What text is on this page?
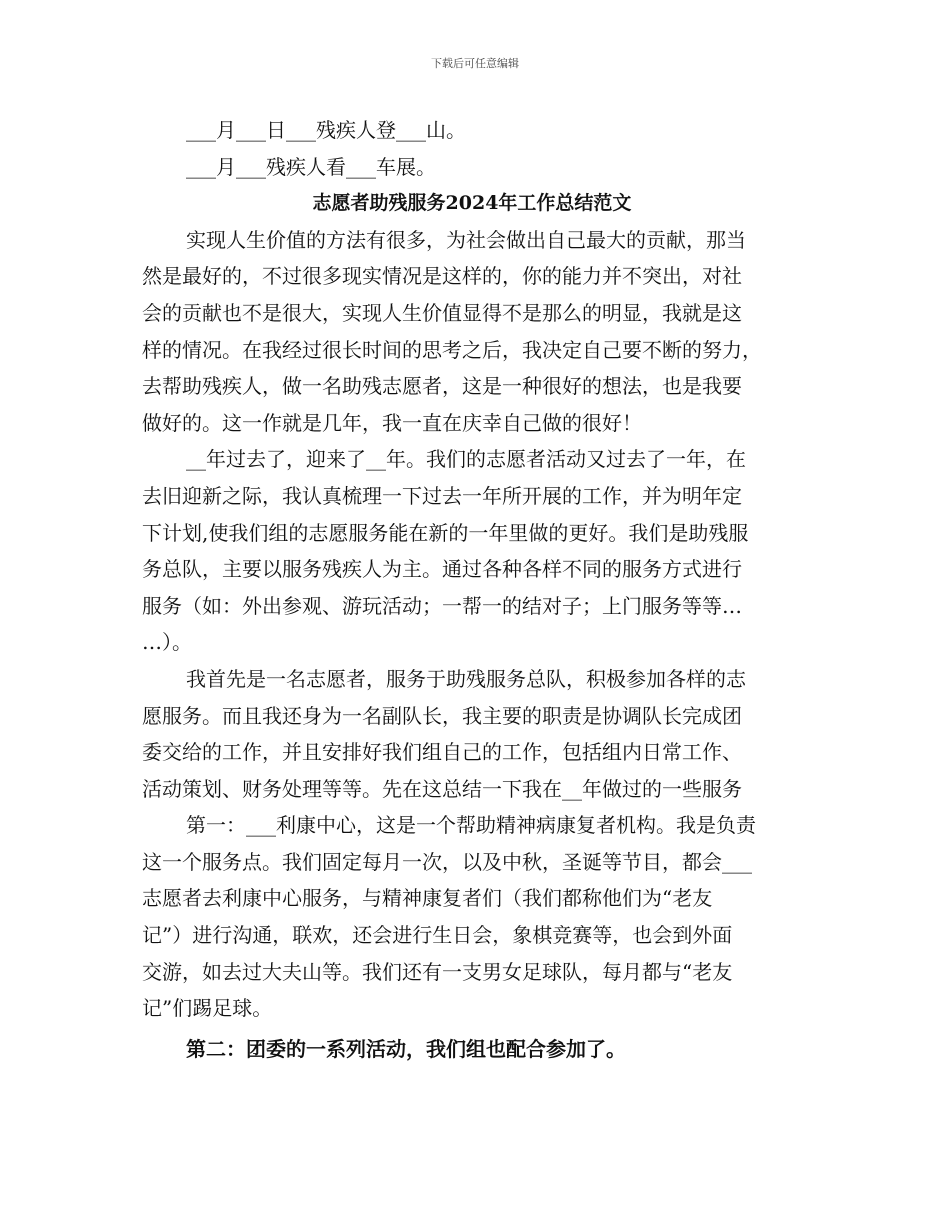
下载后可任意编辑
___月___日___残疾人登___山。
___月___残疾人看___车展。
志愿者助残服务2024年工作总结范文
实现人生价值的方法有很多，为社会做出自己最大的贡献，那当
然是最好的，不过很多现实情况是这样的，你的能力并不突出，对社
会的贡献也不是很大，实现人生价值显得不是那么的明显，我就是这
样的情况。在我经过很长时间的思考之后，我决定自己要不断的努力，
去帮助残疾人，做一名助残志愿者，这是一种很好的想法，也是我要
做好的。这一作就是几年，我一直在庆幸自己做的很好！
__年过去了，迎来了__年。我们的志愿者活动又过去了一年，在
去旧迎新之际，我认真梳理一下过去一年所开展的工作，并为明年定
下计划,使我们组的志愿服务能在新的一年里做的更好。我们是助残服
务总队，主要以服务残疾人为主。通过各种各样不同的服务方式进行
服务（如：外出参观、游玩活动；一帮一的结对子；上门服务等等…
…）。
我首先是一名志愿者，服务于助残服务总队，积极参加各样的志
愿服务。而且我还身为一名副队长，我主要的职责是协调队长完成团
委交给的工作，并且安排好我们组自己的工作，包括组内日常工作、
活动策划、财务处理等等。先在这总结一下我在__年做过的一些服务
第一：___利康中心，这是一个帮助精神病康复者机构。我是负责
这一个服务点。我们固定每月一次，以及中秋，圣诞等节目，都会___
志愿者去利康中心服务，与精神康复者们（我们都称他们为“老友
记”）进行沟通，联欢，还会进行生日会，象棋竞赛等，也会到外面
交游，如去过大夫山等。我们还有一支男女足球队，每月都与“老友
记”们踢足球。
第二：团委的一系列活动，我们组也配合参加了。
